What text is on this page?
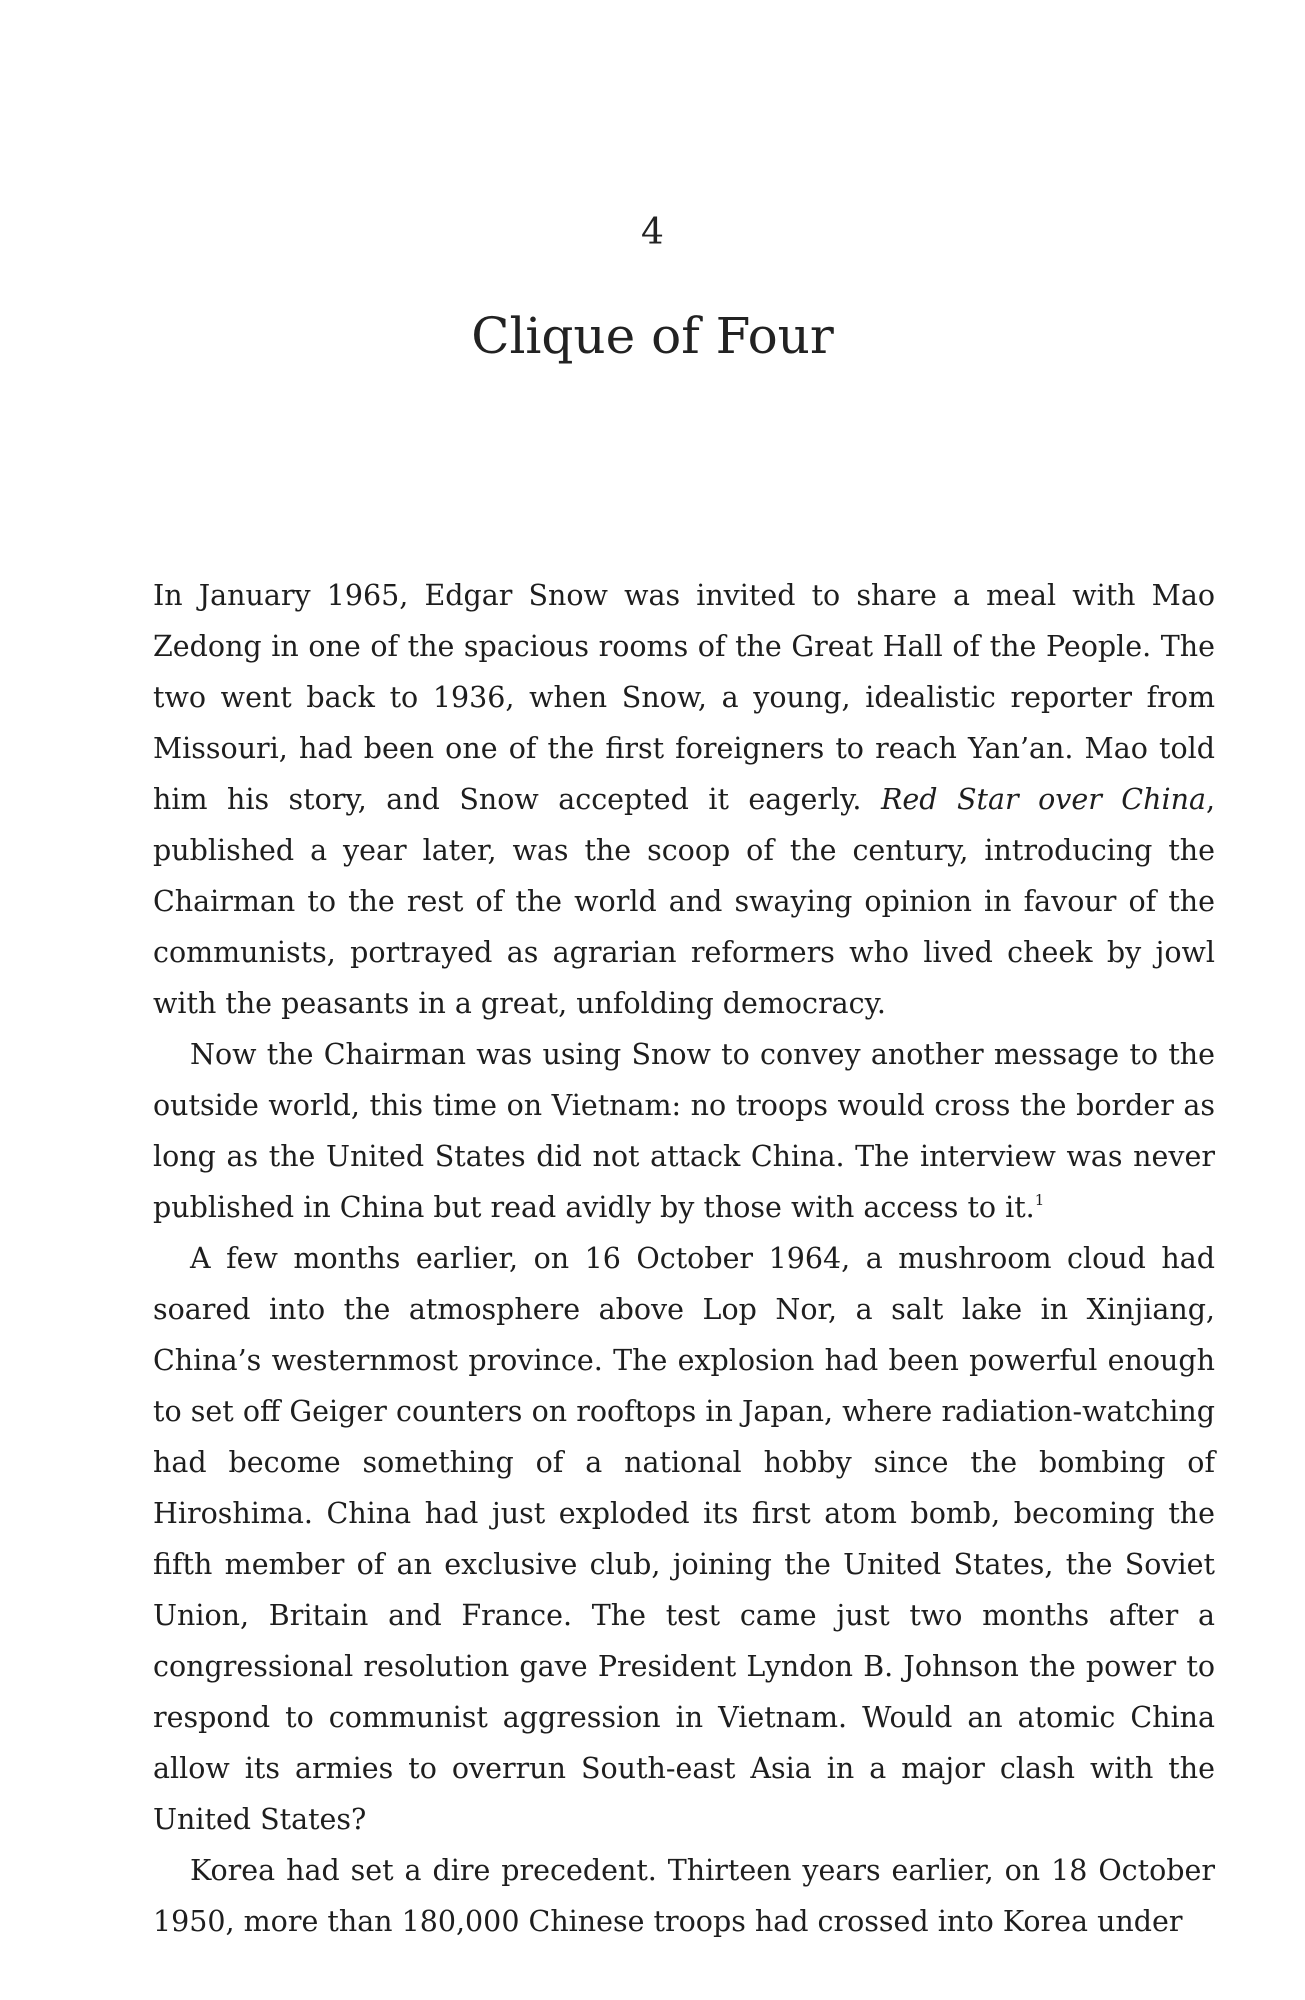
4
Clique of Four

In January 1965, Edgar Snow was invited to share a meal with Mao Zedong in one of the spacious rooms of the Great Hall of the People. The two went back to 1936, when Snow, a young, idealistic reporter from Missouri, had been one of the first foreigners to reach Yan’an. Mao told him his story, and Snow accepted it eagerly. Red Star over China, published a year later, was the scoop of the century, introducing the Chairman to the rest of the world and swaying opinion in favour of the communists, portrayed as agrarian reformers who lived cheek by jowl with the peasants in a great, unfolding democracy.

Now the Chairman was using Snow to convey another message to the outside world, this time on Vietnam: no troops would cross the border as long as the United States did not attack China. The interview was never published in China but read avidly by those with access to it.$^1$

A few months earlier, on 16 October 1964, a mushroom cloud had soared into the atmosphere above Lop Nor, a salt lake in Xinjiang, China’s westernmost province. The explosion had been powerful enough to set off Geiger counters on rooftops in Japan, where radiation-watching had become something of a national hobby since the bombing of Hiroshima. China had just exploded its first atom bomb, becoming the fifth member of an exclusive club, joining the United States, the Soviet Union, Britain and France. The test came just two months after a congressional resolution gave President Lyndon B. Johnson the power to respond to communist aggression in Vietnam. Would an atomic China allow its armies to overrun South-east Asia in a major clash with the United States?

Korea had set a dire precedent. Thirteen years earlier, on 18 October 1950, more than 180,000 Chinese troops had crossed into Korea under
